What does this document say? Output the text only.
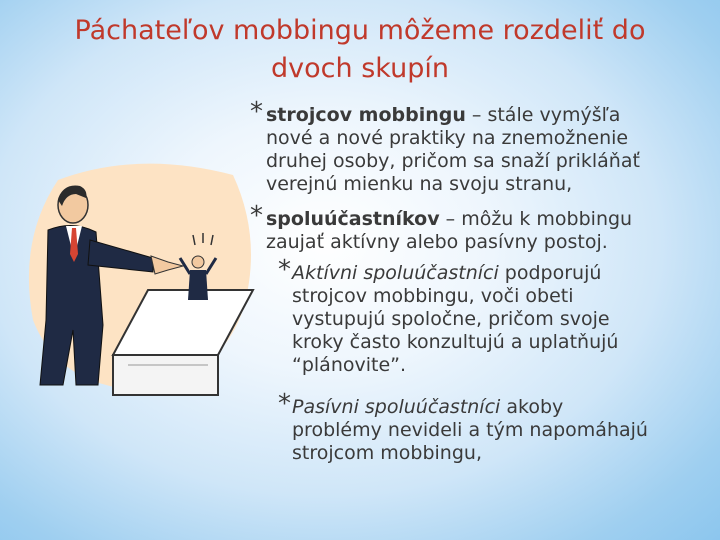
Páchateľov mobbingu môžeme rozdeliť do
dvoch skupín
* strojcov mobbingu – stále vymýšľa
nové a nové praktiky na znemožnenie
druhej osoby, pričom sa snaží prikláňať
verejnú mienku na svoju stranu,
* spoluúčastníkov – môžu k mobbingu
zaujať aktívny alebo pasívny postoj.
* Aktívni spoluúčastníci podporujú
strojcov mobbingu, voči obeti
vystupujú spoločne, pričom svoje
kroky často konzultujú a uplatňujú
“plánovite”.
* Pasívni spoluúčastníci akoby
problémy nevideli a tým napomáhajú
strojcom mobbingu,
